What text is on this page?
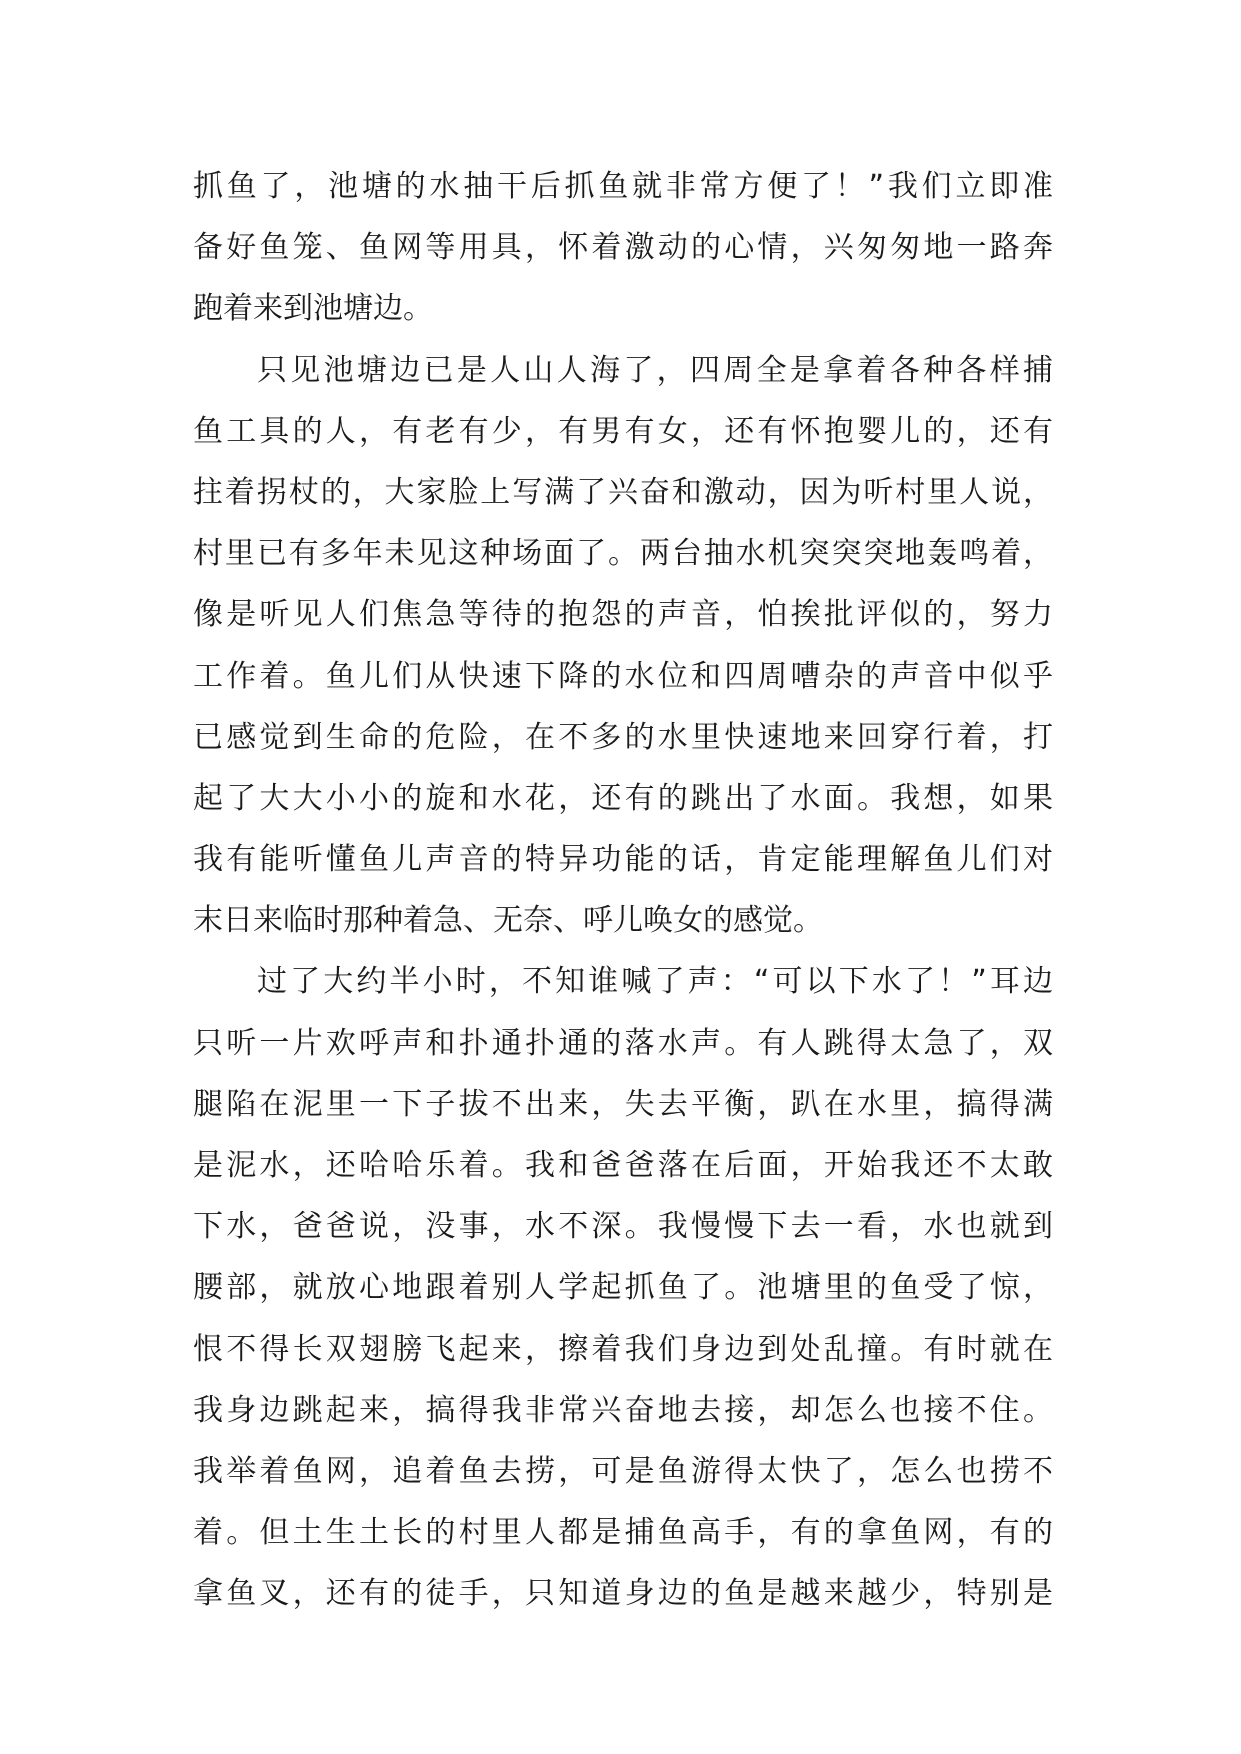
抓鱼了，池塘的水抽干后抓鱼就非常方便了！”我们立即准
备好鱼笼、鱼网等用具，怀着激动的心情，兴匆匆地一路奔
跑着来到池塘边。
只见池塘边已是人山人海了，四周全是拿着各种各样捕
鱼工具的人，有老有少，有男有女，还有怀抱婴儿的，还有
拄着拐杖的，大家脸上写满了兴奋和激动，因为听村里人说，
村里已有多年未见这种场面了。两台抽水机突突突地轰鸣着，
像是听见人们焦急等待的抱怨的声音，怕挨批评似的，努力
工作着。鱼儿们从快速下降的水位和四周嘈杂的声音中似乎
已感觉到生命的危险，在不多的水里快速地来回穿行着，打
起了大大小小的旋和水花，还有的跳出了水面。我想，如果
我有能听懂鱼儿声音的特异功能的话，肯定能理解鱼儿们对
末日来临时那种着急、无奈、呼儿唤女的感觉。
过了大约半小时，不知谁喊了声：“可以下水了！”耳边
只听一片欢呼声和扑通扑通的落水声。有人跳得太急了，双
腿陷在泥里一下子拔不出来，失去平衡，趴在水里，搞得满
是泥水，还哈哈乐着。我和爸爸落在后面，开始我还不太敢
下水，爸爸说，没事，水不深。我慢慢下去一看，水也就到
腰部，就放心地跟着别人学起抓鱼了。池塘里的鱼受了惊，
恨不得长双翅膀飞起来，擦着我们身边到处乱撞。有时就在
我身边跳起来，搞得我非常兴奋地去接，却怎么也接不住。
我举着鱼网，追着鱼去捞，可是鱼游得太快了，怎么也捞不
着。但土生土长的村里人都是捕鱼高手，有的拿鱼网，有的
拿鱼叉，还有的徒手，只知道身边的鱼是越来越少，特别是
